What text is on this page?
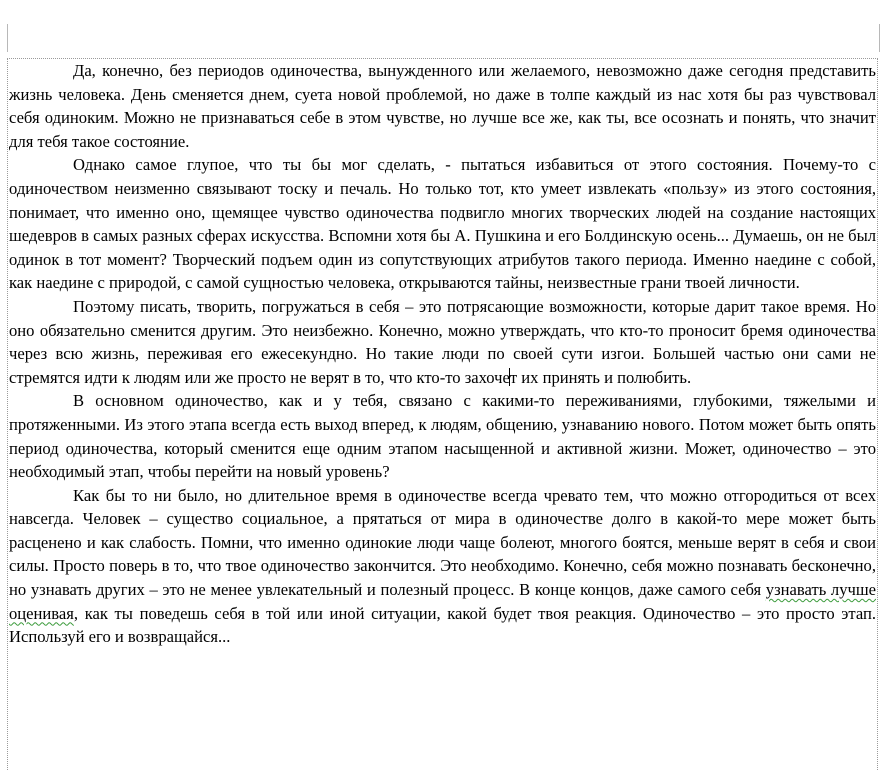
Да, конечно, без периодов одиночества, вынужденного или желаемого, невозможно даже сегодня представить жизнь человека. День сменяется днем, суета новой проблемой, но даже в толпе каждый из нас хотя бы раз чувствовал себя одиноким. Можно не признаваться себе в этом чувстве, но лучше все же, как ты, все осознать и понять, что значит для тебя такое состояние.

Однако самое глупое, что ты бы мог сделать, - пытаться избавиться от этого состояния. Почему-то с одиночеством неизменно связывают тоску и печаль. Но только тот, кто умеет извлекать «пользу» из этого состояния, понимает, что именно оно, щемящее чувство одиночества подвигло многих творческих людей на создание настоящих шедевров в самых разных сферах искусства. Вспомни хотя бы А. Пушкина и его Болдинскую осень... Думаешь, он не был одинок в тот момент? Творческий подъем один из сопутствующих атрибутов такого периода. Именно наедине с собой, как наедине с природой, с самой сущностью человека, открываются тайны, неизвестные грани твоей личности.

Поэтому писать, творить, погружаться в себя – это потрясающие возможности, которые дарит такое время. Но оно обязательно сменится другим. Это неизбежно. Конечно, можно утверждать, что кто-то проносит бремя одиночества через всю жизнь, переживая его ежесекундно. Но такие люди по своей сути изгои. Большей частью они сами не стремятся идти к людям или же просто не верят в то, что кто-то захочет их принять и полюбить.

В основном одиночество, как и у тебя, связано с какими-то переживаниями, глубокими, тяжелыми и протяженными. Из этого этапа всегда есть выход вперед, к людям, общению, узнаванию нового. Потом может быть опять период одиночества, который сменится еще одним этапом насыщенной и активной жизни. Может, одиночество – это необходимый этап, чтобы перейти на новый уровень?

Как бы то ни было, но длительное время в одиночестве всегда чревато тем, что можно отгородиться от всех навсегда. Человек – существо социальное, а прятаться от мира в одиночестве долго в какой-то мере может быть расценено и как слабость. Помни, что именно одинокие люди чаще болеют, многого боятся, меньше верят в себя и свои силы. Просто поверь в то, что твое одиночество закончится. Это необходимо. Конечно, себя можно познавать бесконечно, но узнавать других – это не менее увлекательный и полезный процесс. В конце концов, даже самого себя узнавать лучше оценивая, как ты поведешь себя в той или иной ситуации, какой будет твоя реакция. Одиночество – это просто этап. Используй его и возвращайся...
